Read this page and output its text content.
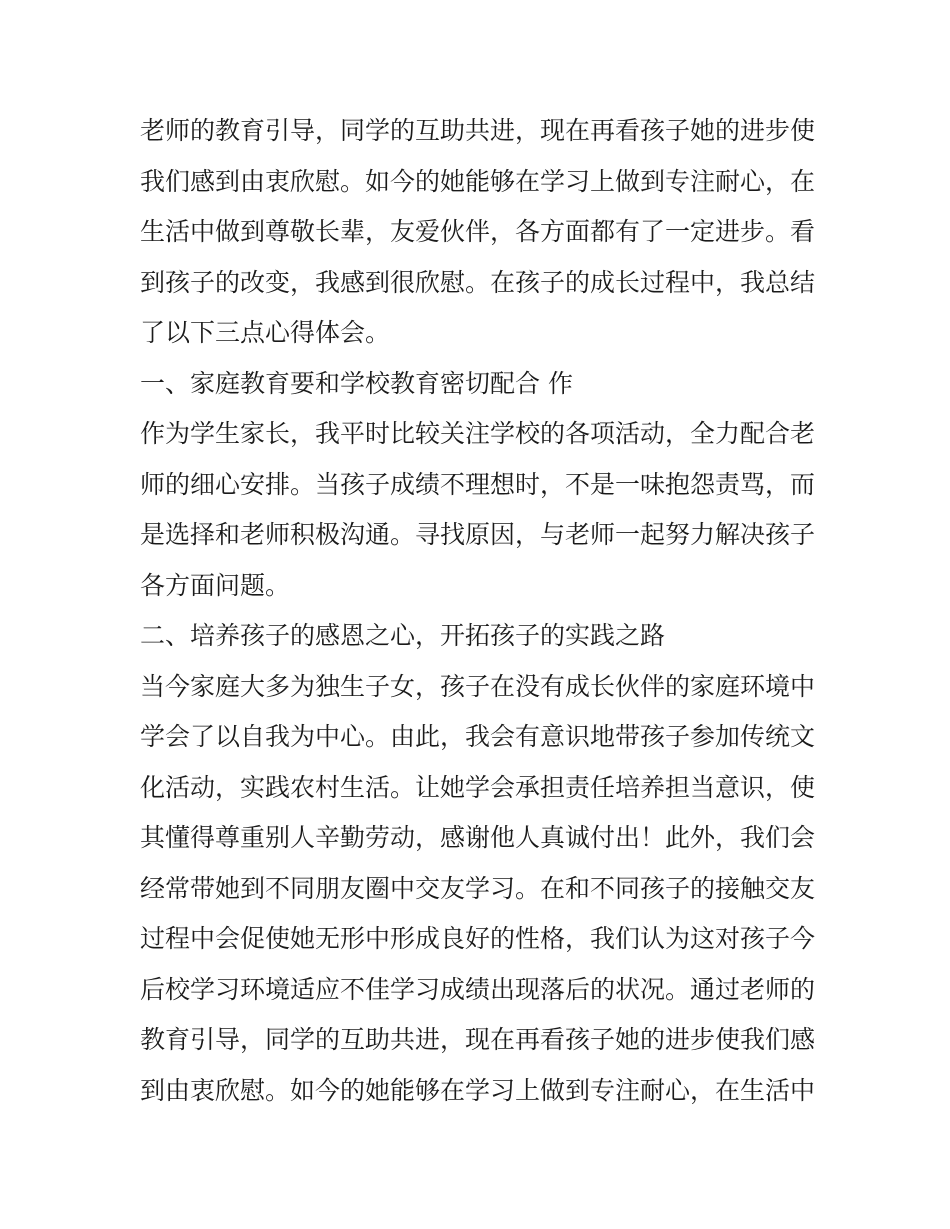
老师的教育引导，同学的互助共进，现在再看孩子她的进步使
我们感到由衷欣慰。如今的她能够在学习上做到专注耐心，在
生活中做到尊敬长辈，友爱伙伴，各方面都有了一定进步。看
到孩子的改变，我感到很欣慰。在孩子的成长过程中，我总结
了以下三点心得体会。
一、家庭教育要和学校教育密切配合 作
作为学生家长，我平时比较关注学校的各项活动，全力配合老
师的细心安排。当孩子成绩不理想时，不是一味抱怨责骂，而
是选择和老师积极沟通。寻找原因，与老师一起努力解决孩子
各方面问题。
二、培养孩子的感恩之心，开拓孩子的实践之路
当今家庭大多为独生子女，孩子在没有成长伙伴的家庭环境中
学会了以自我为中心。由此，我会有意识地带孩子参加传统文
化活动，实践农村生活。让她学会承担责任培养担当意识，使
其懂得尊重别人辛勤劳动，感谢他人真诚付出！此外，我们会
经常带她到不同朋友圈中交友学习。在和不同孩子的接触交友
过程中会促使她无形中形成良好的性格，我们认为这对孩子今
后校学习环境适应不佳学习成绩出现落后的状况。通过老师的
教育引导，同学的互助共进，现在再看孩子她的进步使我们感
到由衷欣慰。如今的她能够在学习上做到专注耐心，在生活中
